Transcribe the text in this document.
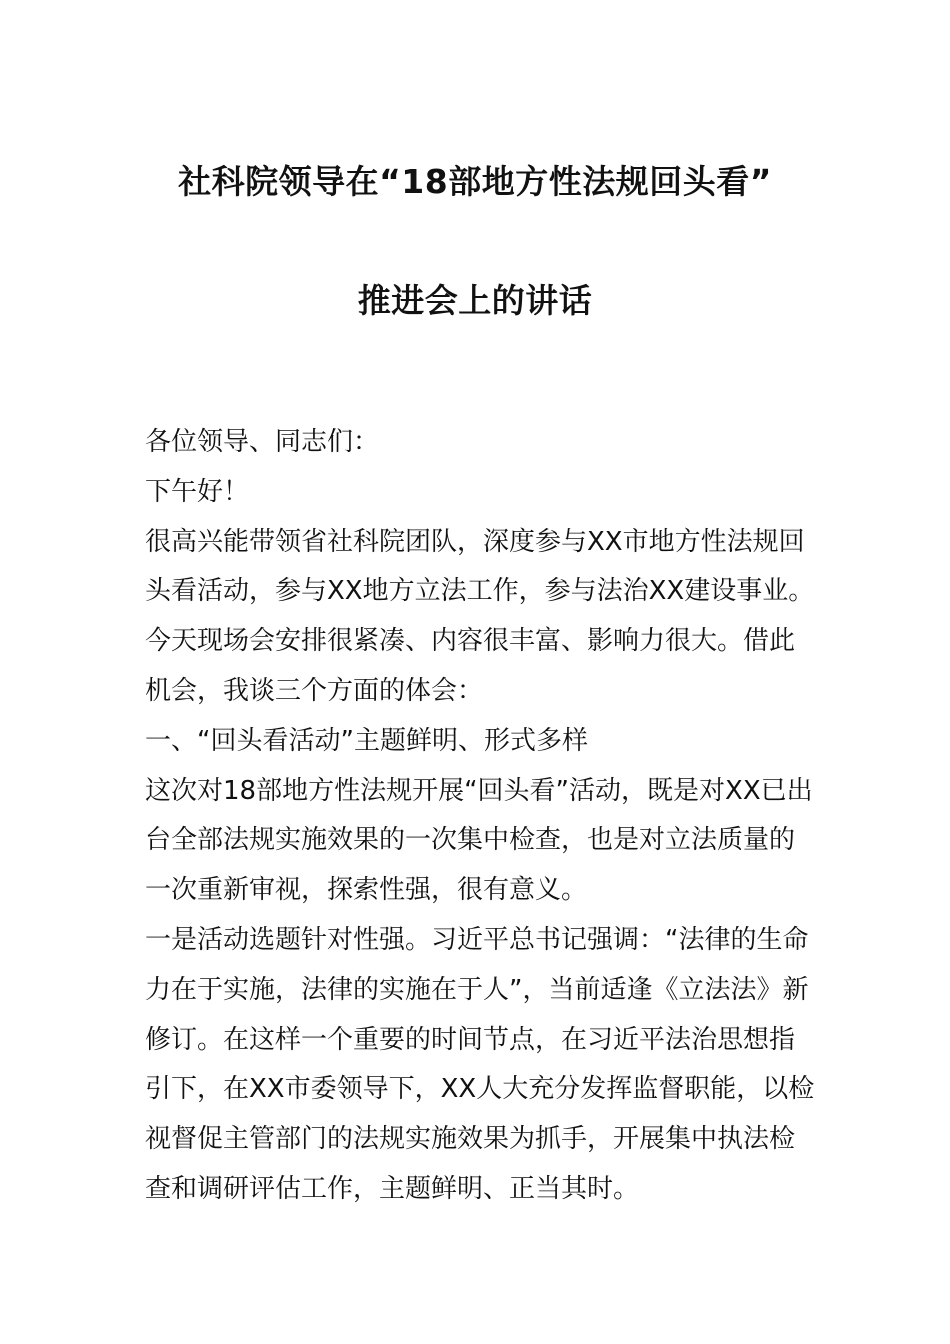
社科院领导在“18部地方性法规回头看”
推进会上的讲话

各位领导、同志们：

下午好！

很高兴能带领省社科院团队，深度参与XX市地方性法规回

头看活动，参与XX地方立法工作，参与法治XX建设事业。

今天现场会安排很紧凑、内容很丰富、影响力很大。借此

机会，我谈三个方面的体会：

一、“回头看活动”主题鲜明、形式多样

这次对18部地方性法规开展“回头看”活动，既是对XX已出

台全部法规实施效果的一次集中检查，也是对立法质量的

一次重新审视，探索性强，很有意义。

一是活动选题针对性强。习近平总书记强调：“法律的生命

力在于实施，法律的实施在于人”，当前适逢《立法法》新

修订。在这样一个重要的时间节点，在习近平法治思想指

引下，在XX市委领导下，XX人大充分发挥监督职能，以检

视督促主管部门的法规实施效果为抓手，开展集中执法检

查和调研评估工作，主题鲜明、正当其时。
